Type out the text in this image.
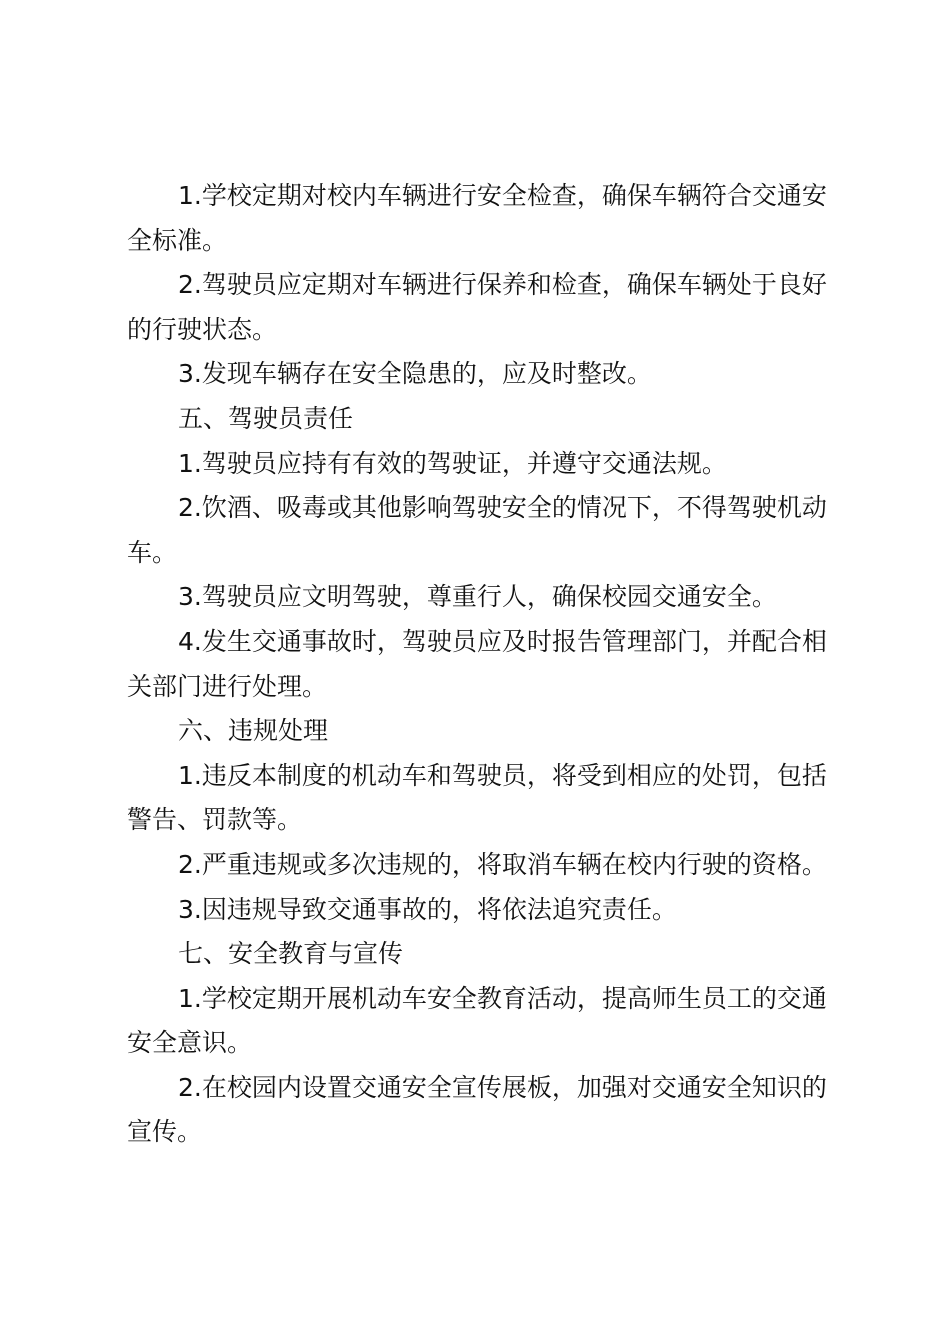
1.学校定期对校内车辆进行安全检查，确保车辆符合交通安全标准。

2.驾驶员应定期对车辆进行保养和检查，确保车辆处于良好的行驶状态。

3.发现车辆存在安全隐患的，应及时整改。

五、驾驶员责任

1.驾驶员应持有有效的驾驶证，并遵守交通法规。

2.饮酒、吸毒或其他影响驾驶安全的情况下，不得驾驶机动车。

3.驾驶员应文明驾驶，尊重行人，确保校园交通安全。

4.发生交通事故时，驾驶员应及时报告管理部门，并配合相关部门进行处理。

六、违规处理

1.违反本制度的机动车和驾驶员，将受到相应的处罚，包括警告、罚款等。

2.严重违规或多次违规的，将取消车辆在校内行驶的资格。

3.因违规导致交通事故的，将依法追究责任。

七、安全教育与宣传

1.学校定期开展机动车安全教育活动，提高师生员工的交通安全意识。

2.在校园内设置交通安全宣传展板，加强对交通安全知识的宣传。
